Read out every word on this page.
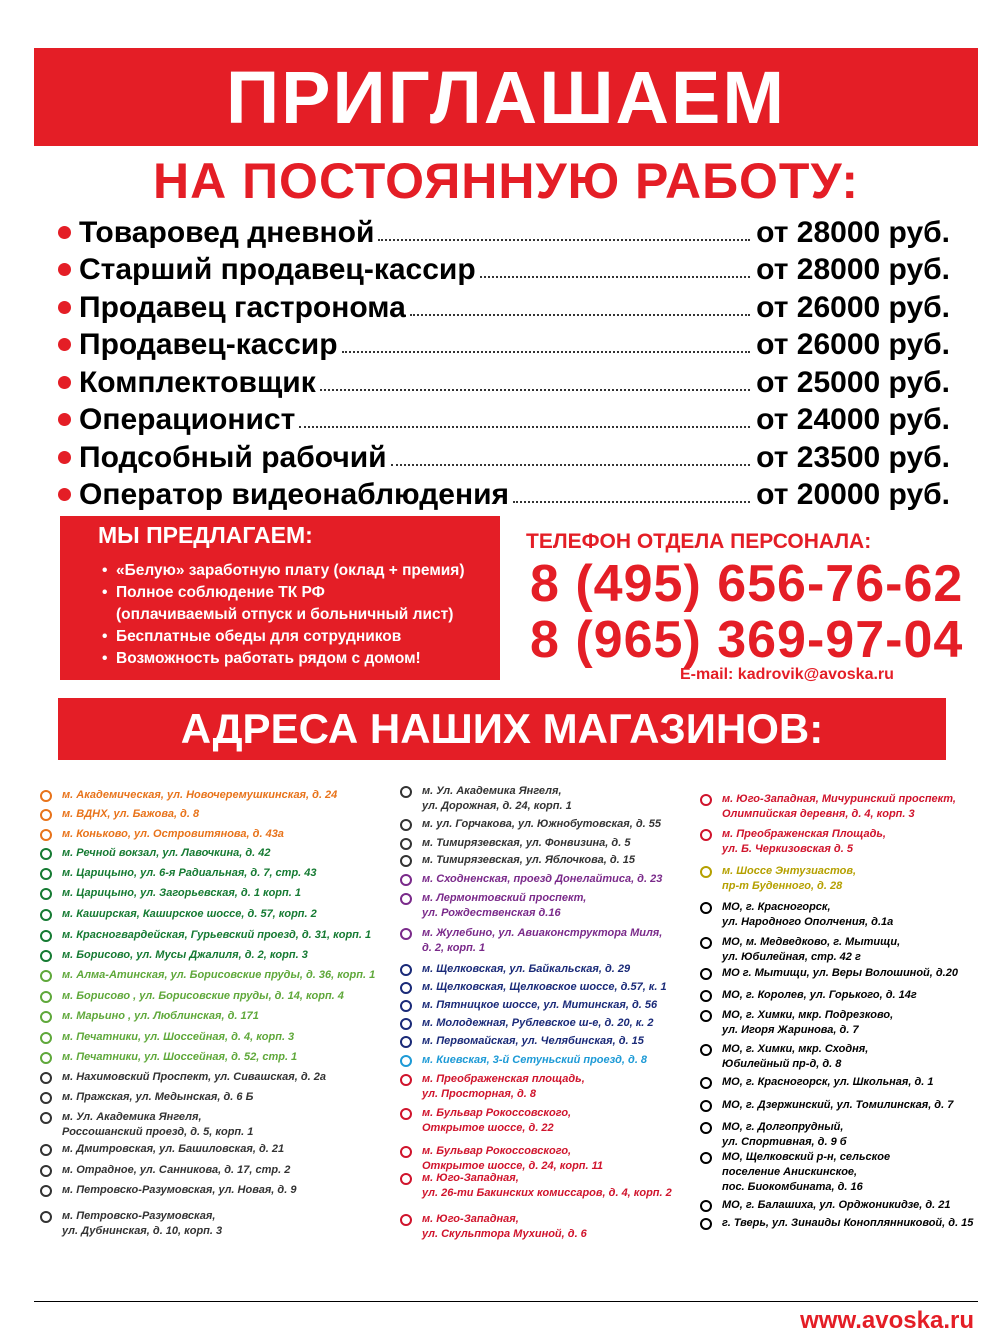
ПРИГЛАШАЕМ
НА ПОСТОЯННУЮ РАБОТУ:
Товаровед дневной	от 28000 руб.
Старший продавец-кассир	от 28000 руб.
Продавец гастронома	от 26000 руб.
Продавец-кассир	от 26000 руб.
Комплектовщик	от 25000 руб.
Операционист	от 24000 руб.
Подсобный рабочий	от 23500 руб.
Оператор видеонаблюдения	от 20000 руб.
МЫ ПРЕДЛАГАЕМ:
• «Белую» заработную плату (оклад + премия)
• Полное соблюдение ТК РФ
(оплачиваемый отпуск и больничный лист)
• Бесплатные обеды для сотрудников
• Возможность работать рядом с домом!
ТЕЛЕФОН ОТДЕЛА ПЕРСОНАЛА:
8 (495) 656-76-62
8 (965) 369-97-04
E-mail: kadrovik@avoska.ru
АДРЕСА НАШИХ МАГАЗИНОВ:
м. Академическая, ул. Новочеремушкинская, д. 24
м. ВДНХ, ул. Бажова, д. 8
м. Коньково, ул. Островитянова, д. 43а
м. Речной вокзал, ул. Лавочкина, д. 42
м. Царицыно, ул. 6-я Радиальная, д. 7, стр. 43
м. Царицыно, ул. Загорьевская, д. 1 корп. 1
м. Каширская, Каширское шоссе, д. 57, корп. 2
м. Красногвардейская, Гурьевский проезд, д. 31, корп. 1
м. Борисово, ул. Мусы Джалиля, д. 2, корп. 3
м. Алма-Атинская, ул. Борисовские пруды, д. 36, корп. 1
м. Борисово , ул. Борисовские пруды, д. 14, корп. 4
м. Марьино , ул. Люблинская, д. 171
м. Печатники, ул. Шоссейная, д. 4, корп. 3
м. Печатники, ул. Шоссейная, д. 52, стр. 1
м. Нахимовский Проспект, ул. Сивашская, д. 2а
м. Пражская, ул. Медынская, д. 6 Б
м. Ул. Академика Янгеля,
Россошанский проезд, д. 5, корп. 1
м. Дмитровская, ул. Башиловская, д. 21
м. Отрадное, ул. Санникова, д. 17, стр. 2
м. Петровско-Разумовская, ул. Новая, д. 9
м. Петровско-Разумовская,
ул. Дубнинская, д. 10, корп. 3
м. Ул. Академика Янгеля,
ул. Дорожная, д. 24, корп. 1
м. ул. Горчакова, ул. Южнобутовская, д. 55
м. Тимирязевская, ул. Фонвизина, д. 5
м. Тимирязевская, ул. Яблочкова, д. 15
м. Сходненская, проезд Донелайтиса, д. 23
м. Лермонтовский проспект,
ул. Рождественская д.16
м. Жулебино, ул. Авиаконструктора Миля,
д. 2, корп. 1
м. Щелковская, ул. Байкальская, д. 29
м. Щелковская, Щелковское шоссе, д.57, к. 1
м. Пятницкое шоссе, ул. Митинская, д. 56
м. Молодежная, Рублевское ш-е, д. 20, к. 2
м. Первомайская, ул. Челябинская, д. 15
м. Киевская, 3-й Сетуньский проезд, д. 8
м. Преображенская площадь,
ул. Просторная, д. 8
м. Бульвар Рокоссовского,
Открытое шоссе, д. 22
м. Бульвар Рокоссовского,
Открытое шоссе, д. 24, корп. 11
м. Юго-Западная,
ул. 26-ти Бакинских комиссаров, д. 4, корп. 2
м. Юго-Западная,
ул. Скульптора Мухиной, д. 6
м. Юго-Западная, Мичуринский проспект,
Олимпийская деревня, д. 4, корп. 3
м. Преображенская Площадь,
ул. Б. Черкизовская д. 5
м. Шоссе Энтузиастов,
пр-т Буденного, д. 28
МО, г. Красногорск,
ул. Народного Ополчения, д.1а
МО, м. Медведково, г. Мытищи,
ул. Юбилейная, стр. 42 г
МО г. Мытищи, ул. Веры Волошиной, д.20
МО, г. Королев, ул. Горького, д. 14г
МО, г. Химки, мкр. Подрезково,
ул. Игоря Жаринова, д. 7
МО, г. Химки, мкр. Сходня,
Юбилейный пр-д, д. 8
МО, г. Красногорск, ул. Школьная, д. 1
МО, г. Дзержинский, ул. Томилинская, д. 7
МО, г. Долгопрудный,
ул. Спортивная, д. 9 б
МО, Щелковский р-н, сельское
поселение Анискинское,
пос. Биокомбината, д. 16
МО, г. Балашиха, ул. Орджоникидзе, д. 21
г. Тверь, ул. Зинаиды Коноплянниковой, д. 15
www.avoska.ru
